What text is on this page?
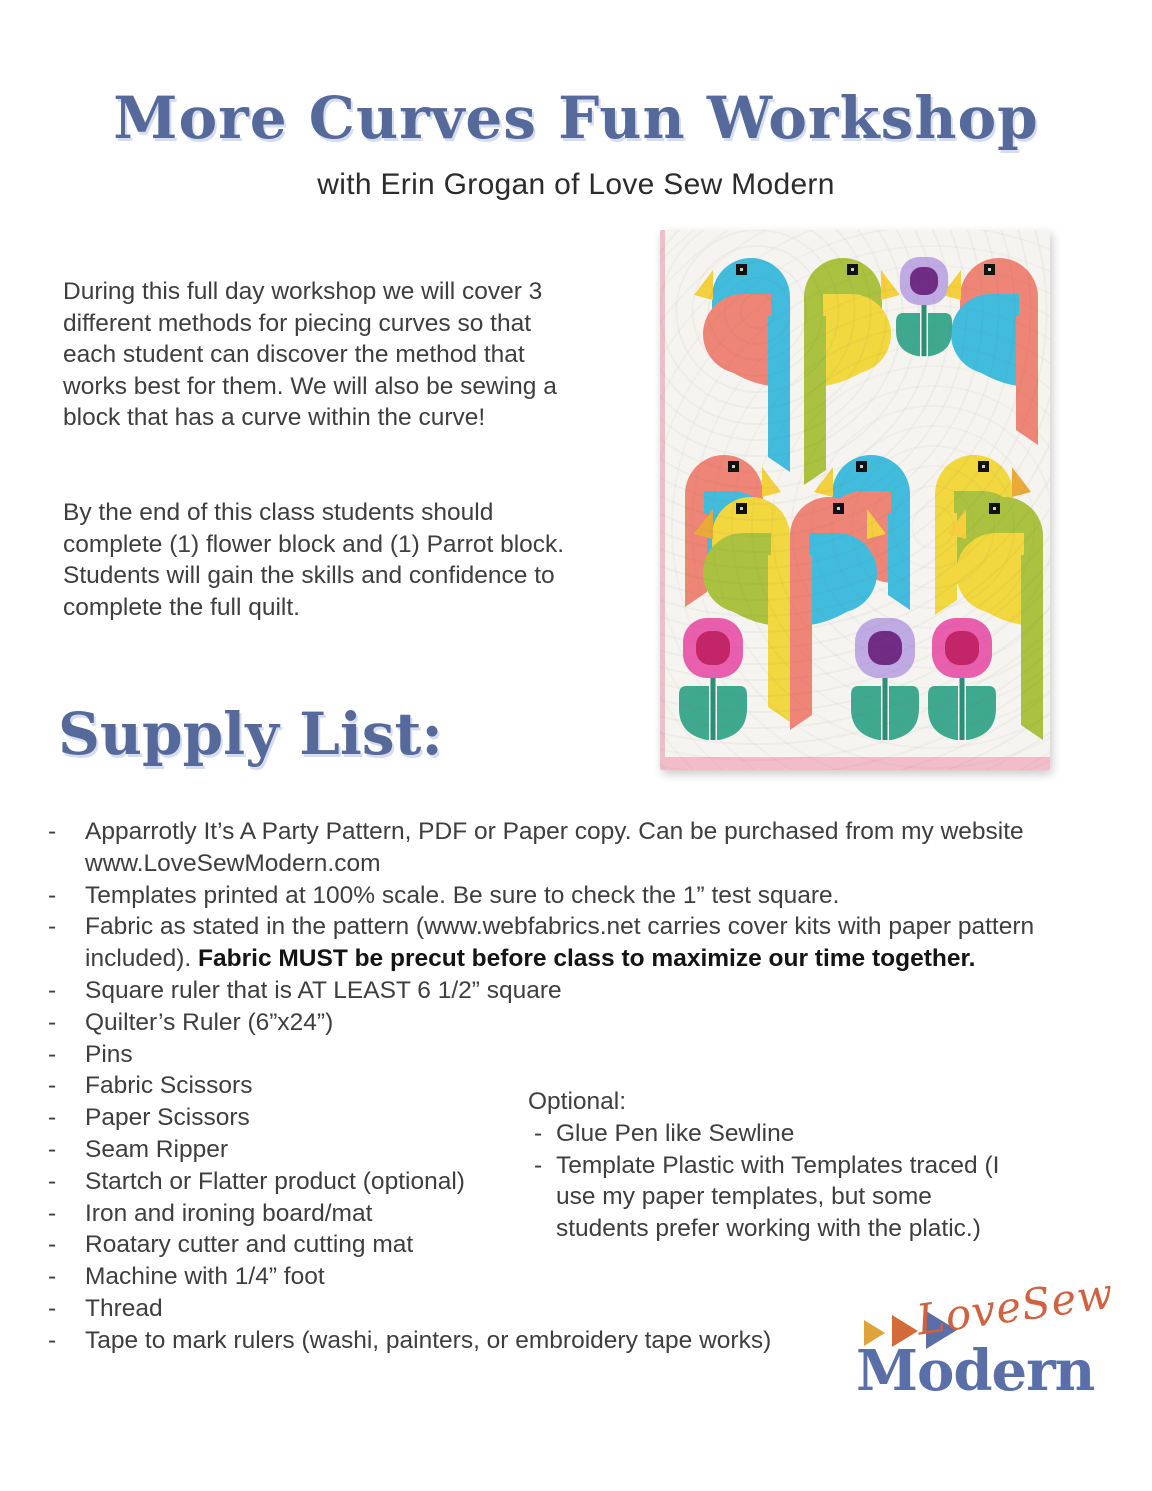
More Curves Fun Workshop
with Erin Grogan of Love Sew Modern

During this full day workshop we will cover 3 different methods for piecing curves so that each student can discover the method that works best for them. We will also be sewing a block that has a curve within the curve!

By the end of this class students should complete (1) flower block and (1) Parrot block. Students will gain the skills and confidence to complete the full quilt.

Supply List:
-	Apparrotly It’s A Party Pattern, PDF or Paper copy. Can be purchased from my website www.LoveSewModern.com
-	Templates printed at 100% scale. Be sure to check the 1” test square.
-	Fabric as stated in the pattern (www.webfabrics.net carries cover kits with paper pattern included). Fabric MUST be precut before class to maximize our time together.
-	Square ruler that is AT LEAST 6 1/2” square
-	Quilter’s Ruler (6”x24”)
-	Pins
-	Fabric Scissors
-	Paper Scissors
-	Seam Ripper
-	Startch or Flatter product (optional)
-	Iron and ironing board/mat
-	Roatary cutter and cutting mat
-	Machine with 1/4” foot
-	Thread
-	Tape to mark rulers (washi, painters, or embroidery tape works)
Optional:
- Glue Pen like Sewline
- Template Plastic with Templates traced (I use my paper templates, but some students prefer working with the platic.)
LoveSew
Modern
